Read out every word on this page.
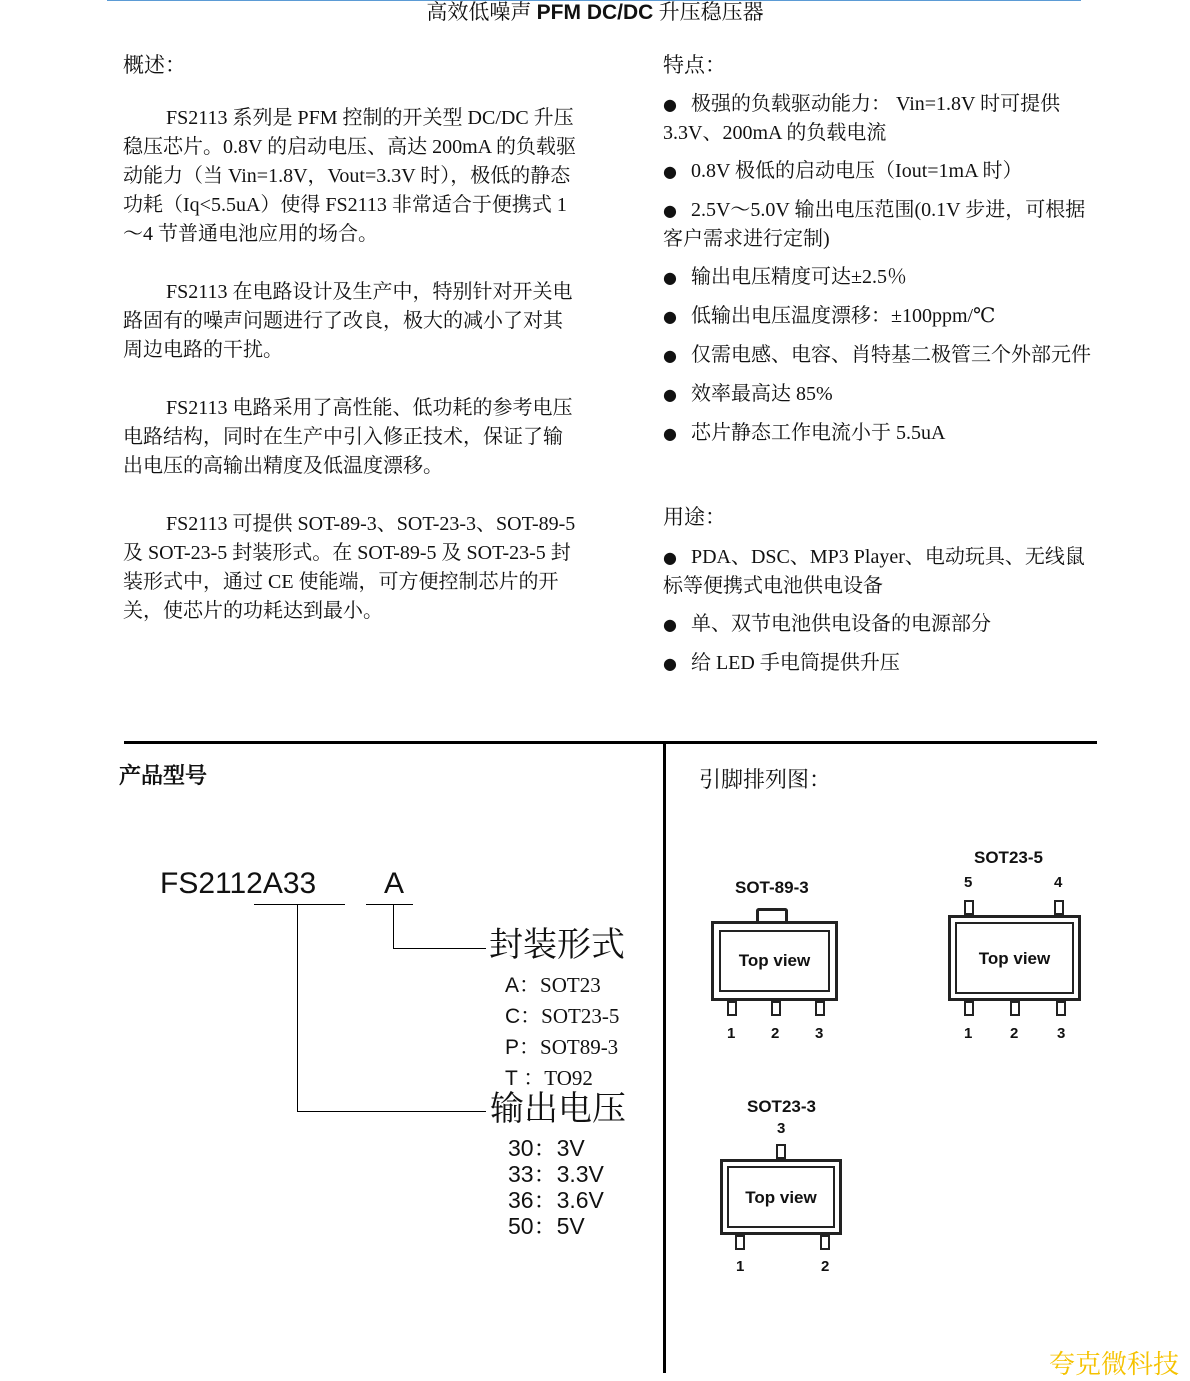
高效低噪声 PFM DC/DC 升压稳压器
概述：

FS2113 系列是 PFM 控制的开关型 DC/DC 升压稳压芯片。0.8V 的启动电压、高达 200mA 的负载驱动能力（当 Vin=1.8V，Vout=3.3V 时），极低的静态功耗（Iq<5.5uA）使得 FS2113 非常适合于便携式 1～4 节普通电池应用的场合。

FS2113 在电路设计及生产中，特别针对开关电路固有的噪声问题进行了改良，极大的减小了对其周边电路的干扰。

FS2113 电路采用了高性能、低功耗的参考电压电路结构，同时在生产中引入修正技术，保证了输出电压的高输出精度及低温度漂移。

FS2113 可提供 SOT-89-3、SOT-23-3、SOT-89-5 及 SOT-23-5 封装形式。在 SOT-89-5 及 SOT-23-5 封装形式中，通过 CE 使能端，可方便控制芯片的开关，使芯片的功耗达到最小。

特点：

● 极强的负载驱动能力： Vin=1.8V 时可提供 3.3V、200mA 的负载电流

● 0.8V 极低的启动电压（Iout=1mA 时）

● 2.5V～5.0V 输出电压范围(0.1V 步进，可根据客户需求进行定制)

● 输出电压精度可达±2.5％

● 低输出电压温度漂移：±100ppm/℃

● 仅需电感、电容、肖特基二极管三个外部元件

● 效率最高达 85%

● 芯片静态工作电流小于 5.5uA

用途：

● PDA、DSC、MP3 Player、电动玩具、无线鼠标等便携式电池供电设备

● 单、双节电池供电设备的电源部分

● 给 LED 手电筒提供升压

产品型号
FS2112A33 A
封装形式
A：SOT23
C：SOT23-5
P：SOT89-3
T ：TO92
输出电压
30：3V
33：3.3V
36：3.6V
50：5V
引脚排列图：
SOT-89-3
Top view
1 2 3
SOT23-5
5	4
Top view
1	2	3
SOT23-3
3
Top view
1	2
夸克微科技
